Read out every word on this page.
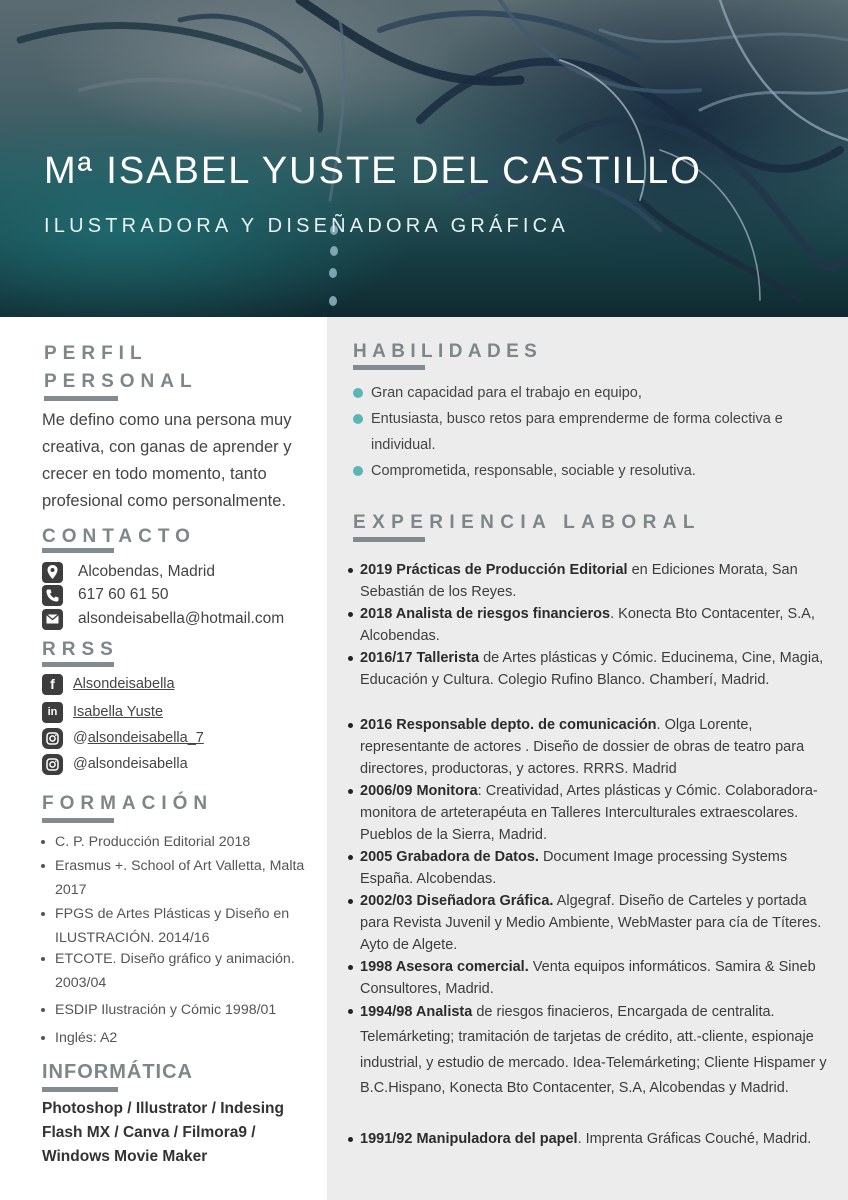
Mª ISABEL YUSTE DEL CASTILLO
ILUSTRADORA Y DISEÑADORA GRÁFICA
PERFIL
PERSONAL
Me defino como una persona muy creativa, con ganas de aprender y crecer en todo momento, tanto profesional como personalmente.
CONTACTO
Alcobendas, Madrid
617 60 61 50
alsondeisabella@hotmail.com
RRSS
f	Alsondeisabella
in	Isabella Yuste
@ alsondeisabella_7
@alsondeisabella
FORMACIÓN
C. P. Producción Editorial 2018
Erasmus +. School of Art Valletta, Malta 2017
FPGS de Artes Plásticas y Diseño en ILUSTRACIÓN. 2014/16
ETCOTE. Diseño gráfico y animación. 2003/04
ESDIP Ilustración y Cómic 1998/01
Inglés: A2
INFORMÁTICA
Photoshop / Illustrator / Indesing
Flash MX / Canva / Filmora9 /
Windows Movie Maker
HABILIDADES
Gran capacidad para el trabajo en equipo,
Entusiasta, busco retos para emprenderme de forma colectiva e individual.
Comprometida, responsable, sociable y resolutiva.
EXPERIENCIA LABORAL
2019 Prácticas de Producción Editorial en Ediciones Morata, San Sebastián de los Reyes.
2018 Analista de riesgos financieros. Konecta Bto Contacenter, S.A, Alcobendas.
2016/17 Tallerista de Artes plásticas y Cómic. Educinema, Cine, Magia, Educación y Cultura. Colegio Rufino Blanco. Chamberí, Madrid.
2016 Responsable depto. de comunicación. Olga Lorente, representante de actores . Diseño de dossier de obras de teatro para directores, productoras, y actores. RRRS. Madrid
2006/09 Monitora: Creatividad, Artes plásticas y Cómic. Colaboradora-monitora de arteterapéuta en Talleres Interculturales extraescolares. Pueblos de la Sierra, Madrid.
2005 Grabadora de Datos. Document Image processing Systems España. Alcobendas.
2002/03 Diseñadora Gráfica. Algegraf. Diseño de Carteles y portada para Revista Juvenil y Medio Ambiente, WebMaster para cía de Títeres. Ayto de Algete.
1998 Asesora comercial. Venta equipos informáticos. Samira & Sineb Consultores, Madrid.
1994/98 Analista de riesgos finacieros, Encargada de centralita. Telemárketing; tramitación de tarjetas de crédito, att.-cliente, espionaje industrial, y estudio de mercado. Idea-Telemárketing; Cliente Hispamer y B.C.Hispano, Konecta Bto Contacenter, S.A, Alcobendas y Madrid.
1991/92 Manipuladora del papel. Imprenta Gráficas Couché, Madrid.
